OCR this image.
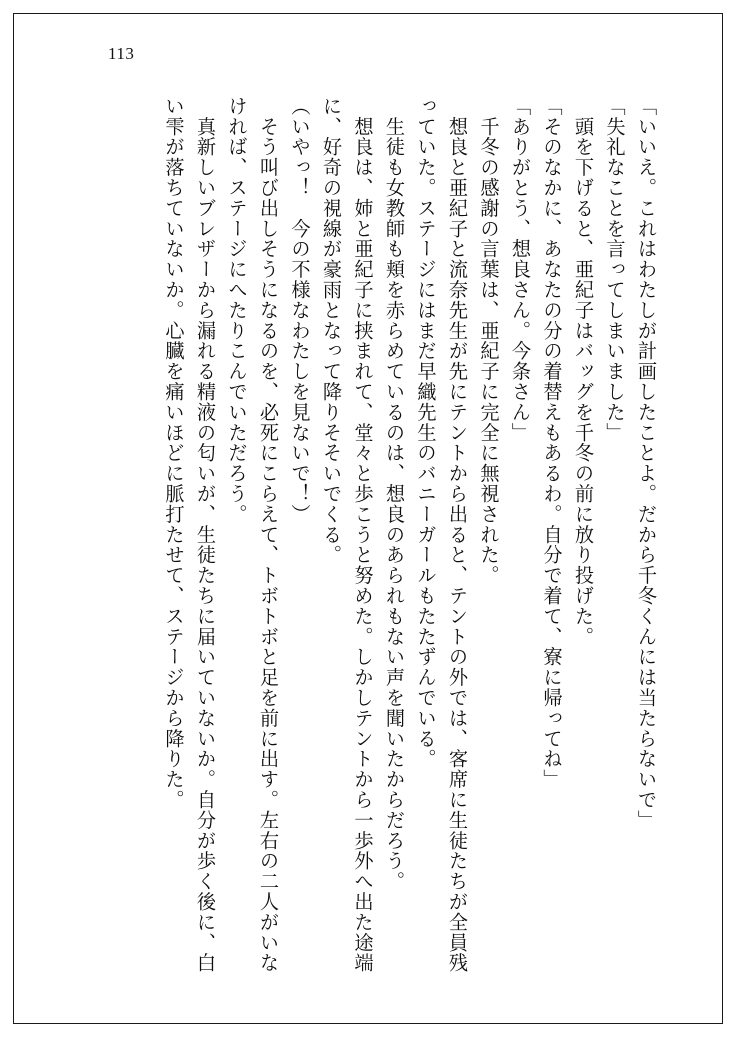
113

「いいえ。これはわたしが計画したことよ。だから千冬くんには当たらないで」

「失礼なことを言ってしまいました」

　頭を下げると、亜紀子はバッグを千冬の前に放り投げた。

「そのなかに、あなたの分の着替えもあるわ。自分で着て、寮に帰ってね」

「ありがとう、想良さん。今条さん」

　千冬の感謝の言葉は、亜紀子に完全に無視された。

　想良と亜紀子と流奈先生が先にテントから出ると、テントの外では、客席に生徒たちが全員残っていた。ステージにはまだ早織先生のバニーガールもたたずんでいる。

　生徒も女教師も頬を赤らめているのは、想良のあられもない声を聞いたからだろう。

　想良は、姉と亜紀子に挟まれて、堂々と歩こうと努めた。しかしテントから一歩外へ出た途端に、好奇の視線が豪雨となって降りそそいでくる。

（いやっ！　今の不様なわたしを見ないで！）

　そう叫び出しそうになるのを、必死にこらえて、トボトボと足を前に出す。左右の二人がいなければ、ステージにへたりこんでいただろう。

　真新しいブレザーから漏れる精液の匂いが、生徒たちに届いていないか。自分が歩く後に、白い雫が落ちていないか。心臓を痛いほどに脈打たせて、ステージから降りた。
